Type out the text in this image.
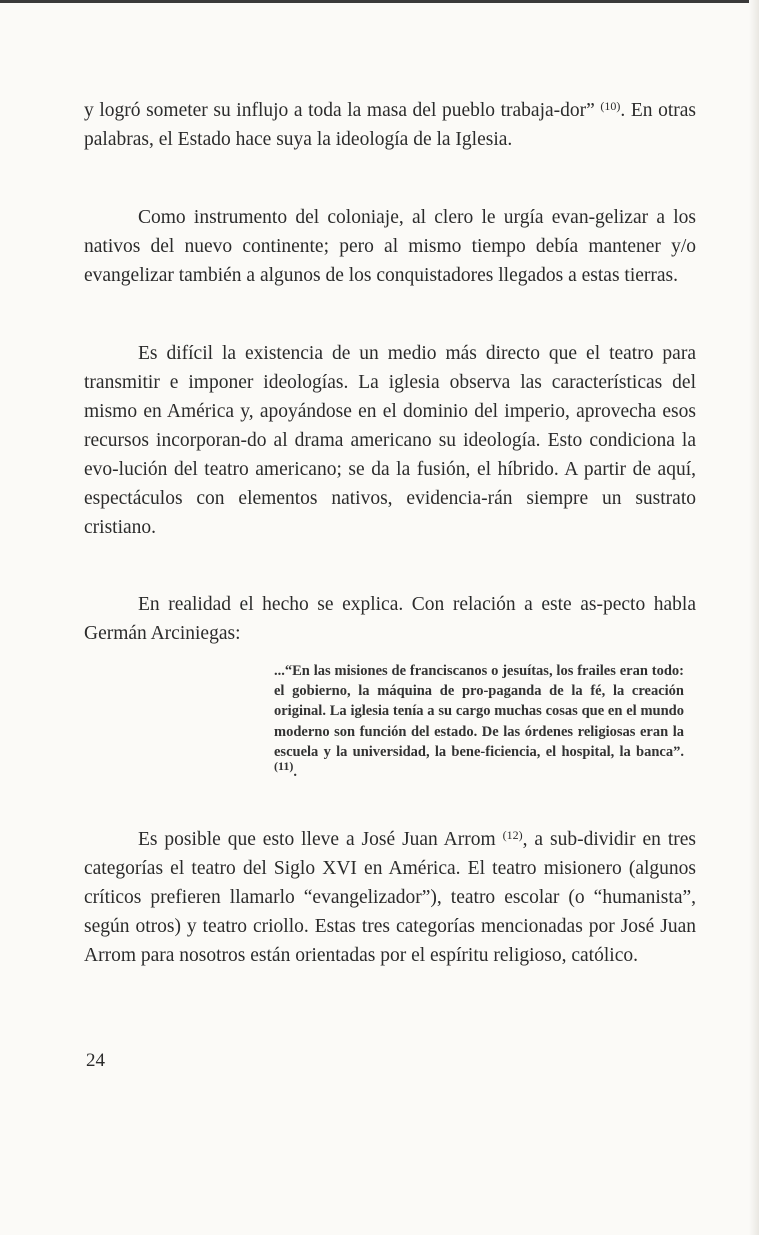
y logró someter su influjo a toda la masa del pueblo trabaja-dor” $^{(10)}$. En otras palabras, el Estado hace suya la ideología de la Iglesia.

Como instrumento del coloniaje, al clero le urgía evan-gelizar a los nativos del nuevo continente; pero al mismo tiempo debía mantener y/o evangelizar también a algunos de los conquistadores llegados a estas tierras.

Es difícil la existencia de un medio más directo que el teatro para transmitir e imponer ideologías. La iglesia observa las características del mismo en América y, apoyándose en el dominio del imperio, aprovecha esos recursos incorporan-do al drama americano su ideología. Esto condiciona la evo-lución del teatro americano; se da la fusión, el híbrido. A partir de aquí, espectáculos con elementos nativos, evidencia-rán siempre un sustrato cristiano.

En realidad el hecho se explica. Con relación a este as-pecto habla Germán Arciniegas:

...“En las misiones de franciscanos o jesuítas, los frailes eran todo: el gobierno, la máquina de pro-paganda de la fé, la creación original. La iglesia tenía a su cargo muchas cosas que en el mundo moderno son función del estado. De las órdenes religiosas eran la escuela y la universidad, la bene-ficiencia, el hospital, la banca”. $^{(11)}$.

Es posible que esto lleve a José Juan Arrom $^{(12)}$, a sub-dividir en tres categorías el teatro del Siglo XVI en América. El teatro misionero (algunos críticos prefieren llamarlo “evangelizador”), teatro escolar (o “humanista”, según otros) y teatro criollo. Estas tres categorías mencionadas por José Juan Arrom para nosotros están orientadas por el espíritu religioso, católico.

24
